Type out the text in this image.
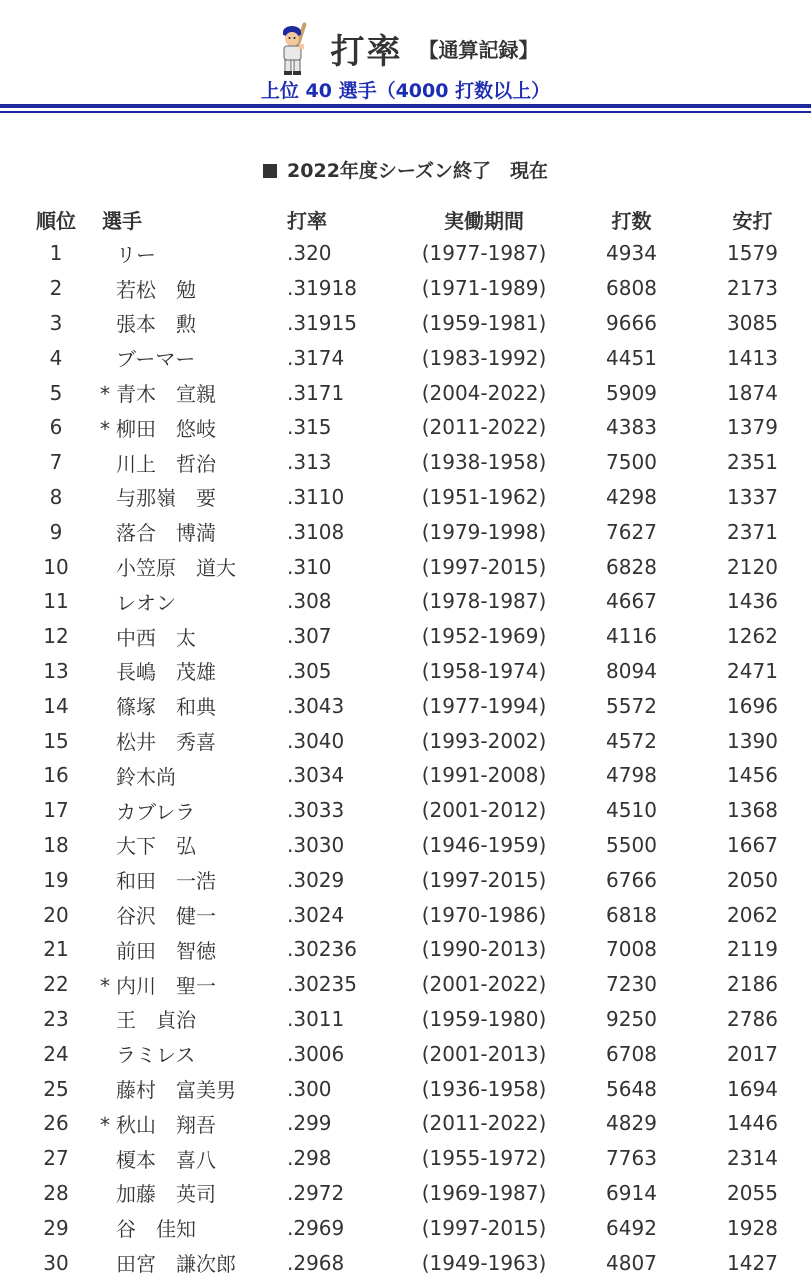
打率 【通算記録】
上位 40 選手（4000 打数以上）
2022年度シーズン終了　現在
順位	選手	打率	実働期間	打数	安打
1	リー	.320	(1977-1987)	4934	1579
2	若松　勉	.31918	(1971-1989)	6808	2173
3	張本　勲	.31915	(1959-1981)	9666	3085
4	ブーマー	.3174	(1983-1992)	4451	1413
5	* 青木　宣親	.3171	(2004-2022)	5909	1874
6	* 柳田　悠岐	.315	(2011-2022)	4383	1379
7	川上　哲治	.313	(1938-1958)	7500	2351
8	与那嶺　要	.3110	(1951-1962)	4298	1337
9	落合　博満	.3108	(1979-1998)	7627	2371
10	小笠原　道大	.310	(1997-2015)	6828	2120
11	レオン	.308	(1978-1987)	4667	1436
12	中西　太	.307	(1952-1969)	4116	1262
13	長嶋　茂雄	.305	(1958-1974)	8094	2471
14	篠塚　和典	.3043	(1977-1994)	5572	1696
15	松井　秀喜	.3040	(1993-2002)	4572	1390
16	鈴木尚	.3034	(1991-2008)	4798	1456
17	カブレラ	.3033	(2001-2012)	4510	1368
18	大下　弘	.3030	(1946-1959)	5500	1667
19	和田　一浩	.3029	(1997-2015)	6766	2050
20	谷沢　健一	.3024	(1970-1986)	6818	2062
21	前田　智徳	.30236	(1990-2013)	7008	2119
22	* 内川　聖一	.30235	(2001-2022)	7230	2186
23	王　貞治	.3011	(1959-1980)	9250	2786
24	ラミレス	.3006	(2001-2013)	6708	2017
25	藤村　富美男	.300	(1936-1958)	5648	1694
26	* 秋山　翔吾	.299	(2011-2022)	4829	1446
27	榎本　喜八	.298	(1955-1972)	7763	2314
28	加藤　英司	.2972	(1969-1987)	6914	2055
29	谷　佳知	.2969	(1997-2015)	6492	1928
30	田宮　謙次郎	.2968	(1949-1963)	4807	1427
